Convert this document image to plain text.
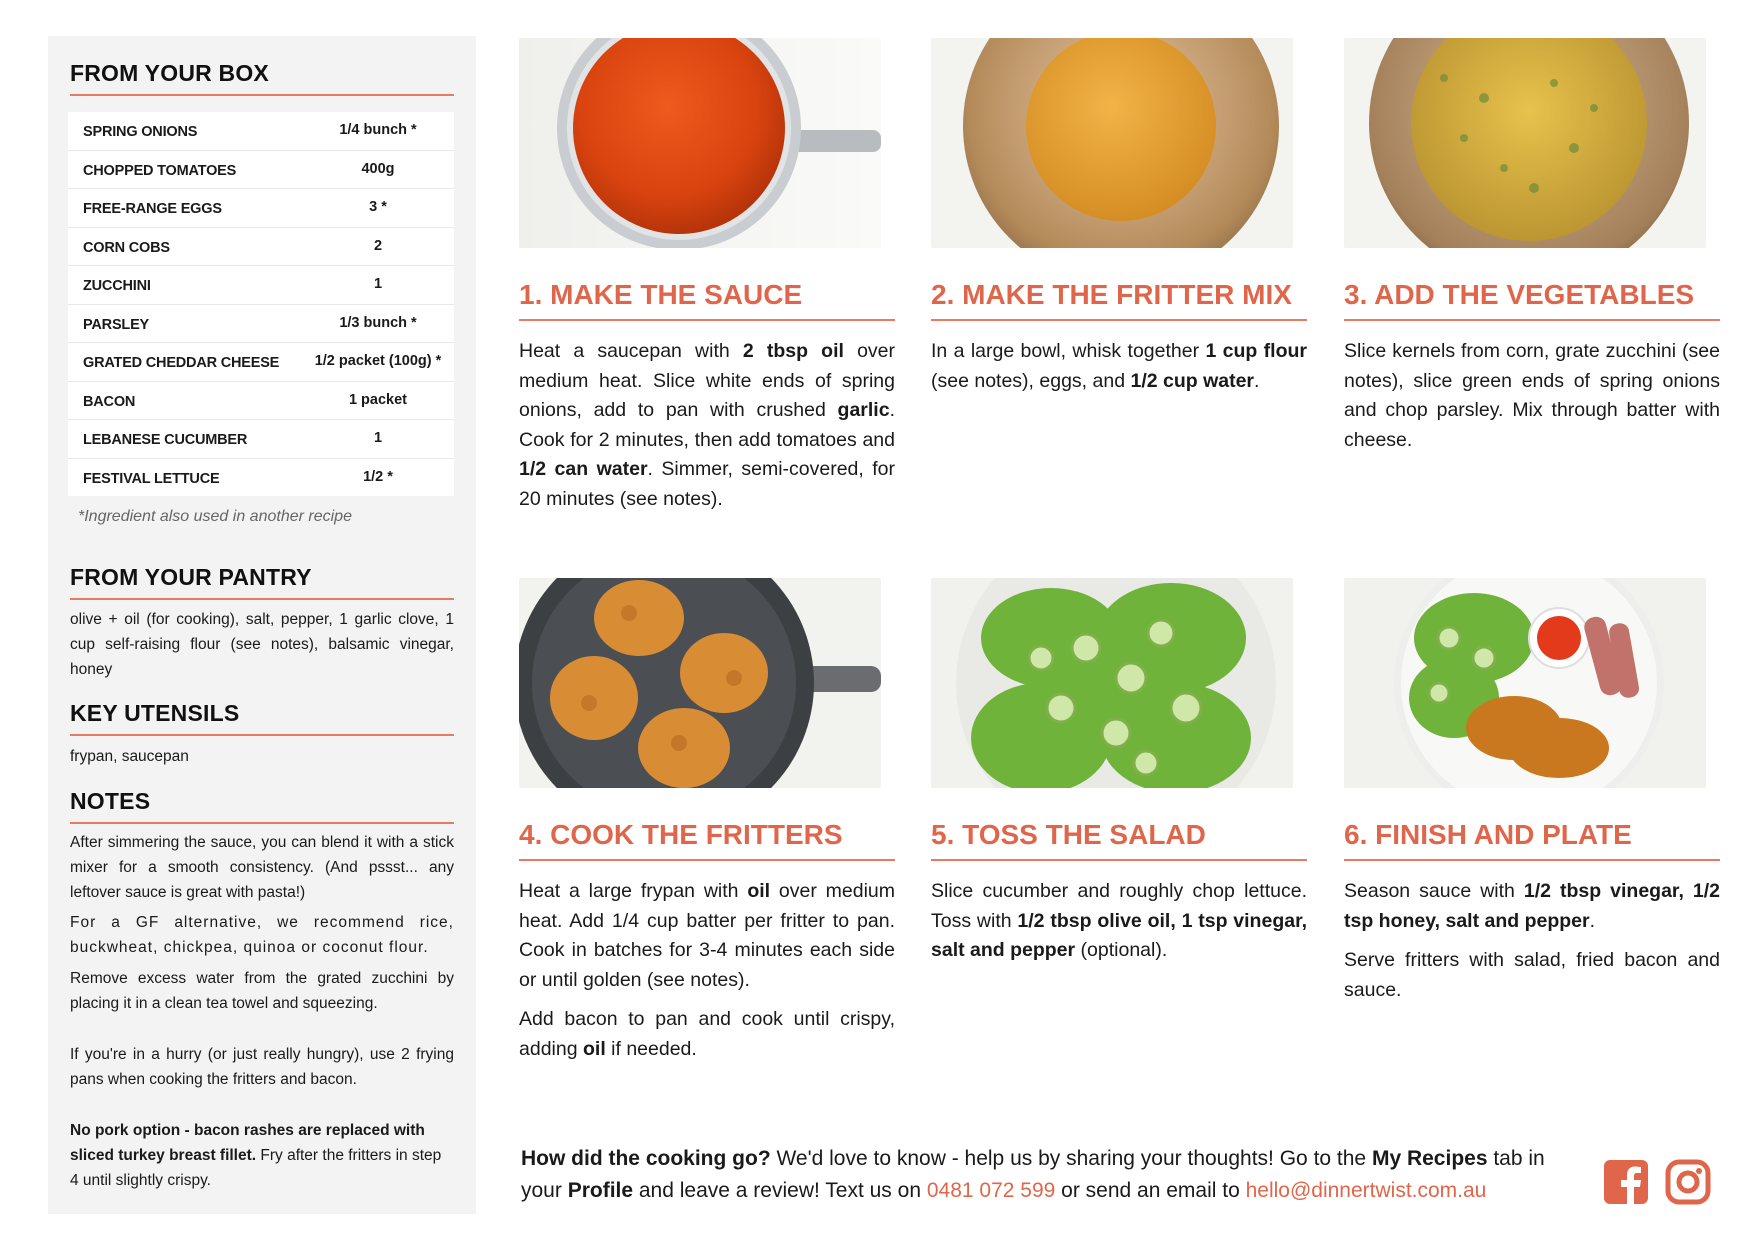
FROM YOUR BOX
SPRING ONIONS	1/4 bunch *
CHOPPED TOMATOES	400g
FREE-RANGE EGGS	3 *
CORN COBS	2
ZUCCHINI	1
PARSLEY	1/3 bunch *
GRATED CHEDDAR CHEESE	1/2 packet (100g) *
BACON	1 packet
LEBANESE CUCUMBER	1
FESTIVAL LETTUCE	1/2 *
*Ingredient also used in another recipe
FROM YOUR PANTRY

olive + oil (for cooking), salt, pepper, 1 garlic clove, 1 cup self-raising flour (see notes), balsamic vinegar, honey

KEY UTENSILS

frypan, saucepan

NOTES

After simmering the sauce, you can blend it with a stick mixer for a smooth consistency. (And pssst... any leftover sauce is great with pasta!)

For a GF alternative, we recommend rice, buckwheat, chickpea, quinoa or coconut flour.

Remove excess water from the grated zucchini by placing it in a clean tea towel and squeezing.

If you're in a hurry (or just really hungry), use 2 frying pans when cooking the fritters and bacon.

No pork option - bacon rashes are replaced with sliced turkey breast fillet. Fry after the fritters in step 4 until slightly crispy.

1. MAKE THE SAUCE	2. MAKE THE FRITTER MIX	3. ADD THE VEGETABLES
4. COOK THE FRITTERS	5. TOSS THE SALAD	6. FINISH AND PLATE

Heat a saucepan with 2 tbsp oil over medium heat. Slice white ends of spring onions, add to pan with crushed garlic. Cook for 2 minutes, then add tomatoes and 1/2 can water. Simmer, semi-covered, for 20 minutes (see notes).

In a large bowl, whisk together 1 cup flour (see notes), eggs, and 1/2 cup water.

Slice kernels from corn, grate zucchini (see notes), slice green ends of spring onions and chop parsley. Mix through batter with cheese.

Heat a large frypan with oil over medium heat. Add 1/4 cup batter per fritter to pan. Cook in batches for 3-4 minutes each side or until golden (see notes).

Add bacon to pan and cook until crispy, adding oil if needed.

Slice cucumber and roughly chop lettuce. Toss with 1/2 tbsp olive oil, 1 tsp vinegar, salt and pepper (optional).

Season sauce with 1/2 tbsp vinegar, 1/2 tsp honey, salt and pepper.

Serve fritters with salad, fried bacon and sauce.

How did the cooking go? We'd love to know - help us by sharing your thoughts! Go to the My Recipes tab in your Profile and leave a review! Text us on 0481 072 599 or send an email to hello@dinnertwist.com.au
